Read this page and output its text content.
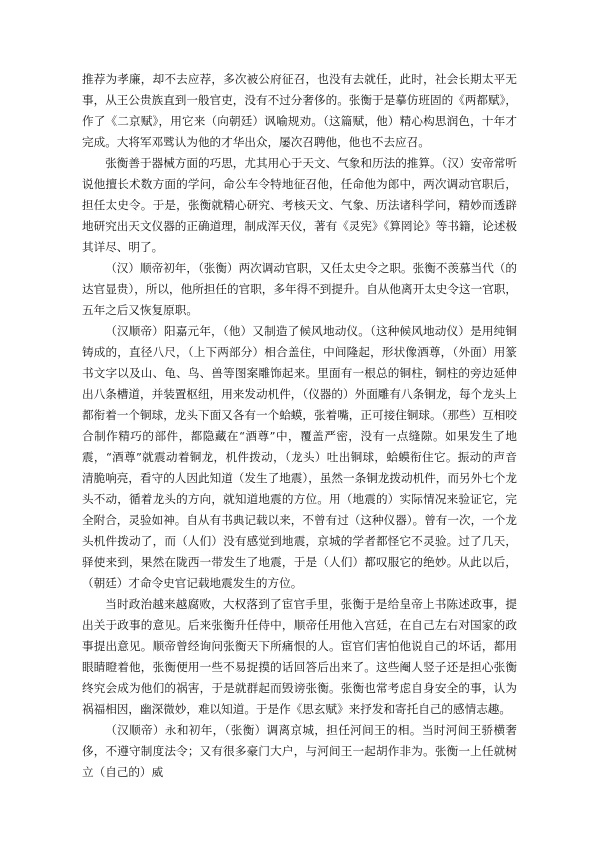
推荐为孝廉，却不去应荐，多次被公府征召，也没有去就任，此时，社会长期太平无事，从王公贵族直到一般官吏，没有不过分奢侈的。张衡于是摹仿班固的《两都赋》，作了《二京赋》，用它来（向朝廷）讽喻规劝。（这篇赋，他）精心构思润色，十年才完成。大将军邓骘认为他的才华出众，屡次召聘他，他也不去应召。

张衡善于器械方面的巧思，尤其用心于天文、气象和历法的推算。（汉）安帝常听说他擅长术数方面的学问，命公车令特地征召他，任命他为郎中，两次调动官职后，担任太史令。于是，张衡就精心研究、考核天文、气象、历法诸科学问，精妙而透辟地研究出天文仪器的正确道理，制成浑天仪，著有《灵宪》《算罔论》等书籍，论述极其详尽、明了。

（汉）顺帝初年，（张衡）两次调动官职，又任太史令之职。张衡不羡慕当代（的达官显贵），所以，他所担任的官职，多年得不到提升。自从他离开太史令这一官职，五年之后又恢复原职。

（汉顺帝）阳嘉元年，（他）又制造了候风地动仪。（这种候风地动仪）是用纯铜铸成的，直径八尺，（上下两部分）相合盖住，中间隆起，形状像酒尊，（外面）用篆书文字以及山、龟、鸟、兽等图案雕饰起来。里面有一根总的铜柱，铜柱的旁边延伸出八条槽道，并装置枢纽，用来发动机件，（仪器的）外面雕有八条铜龙，每个龙头上都衔着一个铜球，龙头下面又各有一个蛤蟆，张着嘴，正可接住铜球。（那些）互相咬合制作精巧的部件，都隐藏在“酒尊”中，覆盖严密，没有一点缝隙。如果发生了地震，“酒尊”就震动着铜龙，机件拨动，（龙头）吐出铜球，蛤蟆衔住它。振动的声音清脆响亮，看守的人因此知道（发生了地震），虽然一条铜龙拨动机件，而另外七个龙头不动，循着龙头的方向，就知道地震的方位。用（地震的）实际情况来验证它，完全附合，灵验如神。自从有书典记载以来，不曾有过（这种仪器）。曾有一次，一个龙头机件拨动了，而（人们）没有感觉到地震，京城的学者都怪它不灵验。过了几天，驿使来到，果然在陇西一带发生了地震，于是（人们）都叹服它的绝妙。从此以后，（朝廷）才命令史官记载地震发生的方位。

当时政治越来越腐败，大权落到了宦官手里，张衡于是给皇帝上书陈述政事，提出关于政事的意见。后来张衡升任侍中，顺帝任用他入宫廷，在自己左右对国家的政事提出意见。顺帝曾经询问张衡天下所痛恨的人。宦官们害怕他说自己的坏话，都用眼睛瞪着他，张衡便用一些不易捉摸的话回答后出来了。这些阉人竖子还是担心张衡终究会成为他们的祸害，于是就群起而毁谤张衡。张衡也常考虑自身安全的事，认为祸福相因，幽深微妙，难以知道。于是作《思玄赋》来抒发和寄托自己的感情志趣。

（汉顺帝）永和初年，（张衡）调离京城，担任河间王的相。当时河间王骄横奢侈，不遵守制度法令；又有很多豪门大户，与河间王一起胡作非为。张衡一上任就树立（自己的）威
